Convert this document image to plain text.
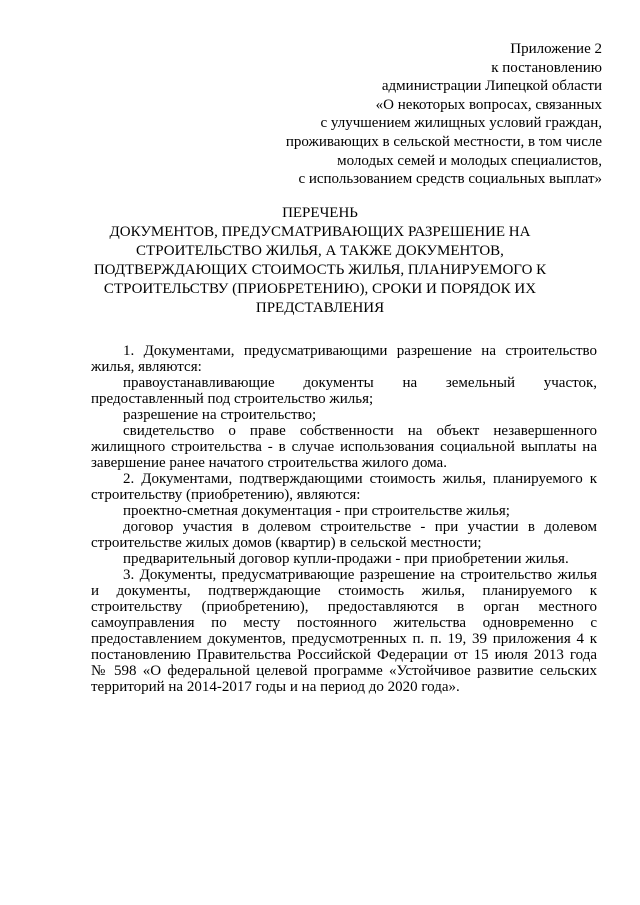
Приложение 2
к постановлению
администрации Липецкой области
«О некоторых вопросах, связанных
с улучшением жилищных условий граждан,
проживающих в сельской местности, в том числе
молодых семей и молодых специалистов,
с использованием средств социальных выплат»
ПЕРЕЧЕНЬ
ДОКУМЕНТОВ, ПРЕДУСМАТРИВАЮЩИХ РАЗРЕШЕНИЕ НА
СТРОИТЕЛЬСТВО ЖИЛЬЯ, А ТАКЖЕ ДОКУМЕНТОВ,
ПОДТВЕРЖДАЮЩИХ СТОИМОСТЬ ЖИЛЬЯ, ПЛАНИРУЕМОГО К
СТРОИТЕЛЬСТВУ (ПРИОБРЕТЕНИЮ), СРОКИ И ПОРЯДОК ИХ
ПРЕДСТАВЛЕНИЯ

1. Документами, предусматривающими разрешение на строительство жилья, являются:

правоустанавливающие документы на земельный участок, предоставленный под строительство жилья;

разрешение на строительство;

свидетельство о праве собственности на объект незавершенного жилищного строительства - в случае использования социальной выплаты на завершение ранее начатого строительства жилого дома.

2. Документами, подтверждающими стоимость жилья, планируемого к строительству (приобретению), являются:

проектно-сметная документация - при строительстве жилья;

договор участия в долевом строительстве - при участии в долевом строительстве жилых домов (квартир) в сельской местности;

предварительный договор купли-продажи - при приобретении жилья.

3. Документы, предусматривающие разрешение на строительство жилья и документы, подтверждающие стоимость жилья, планируемого к строительству (приобретению), предоставляются в орган местного самоуправления по месту постоянного жительства одновременно с предоставлением документов, предусмотренных п. п. 19, 39 приложения 4 к постановлению Правительства Российской Федерации от 15 июля 2013 года № 598 «О федеральной целевой программе «Устойчивое развитие сельских территорий на 2014-2017 годы и на период до 2020 года».
